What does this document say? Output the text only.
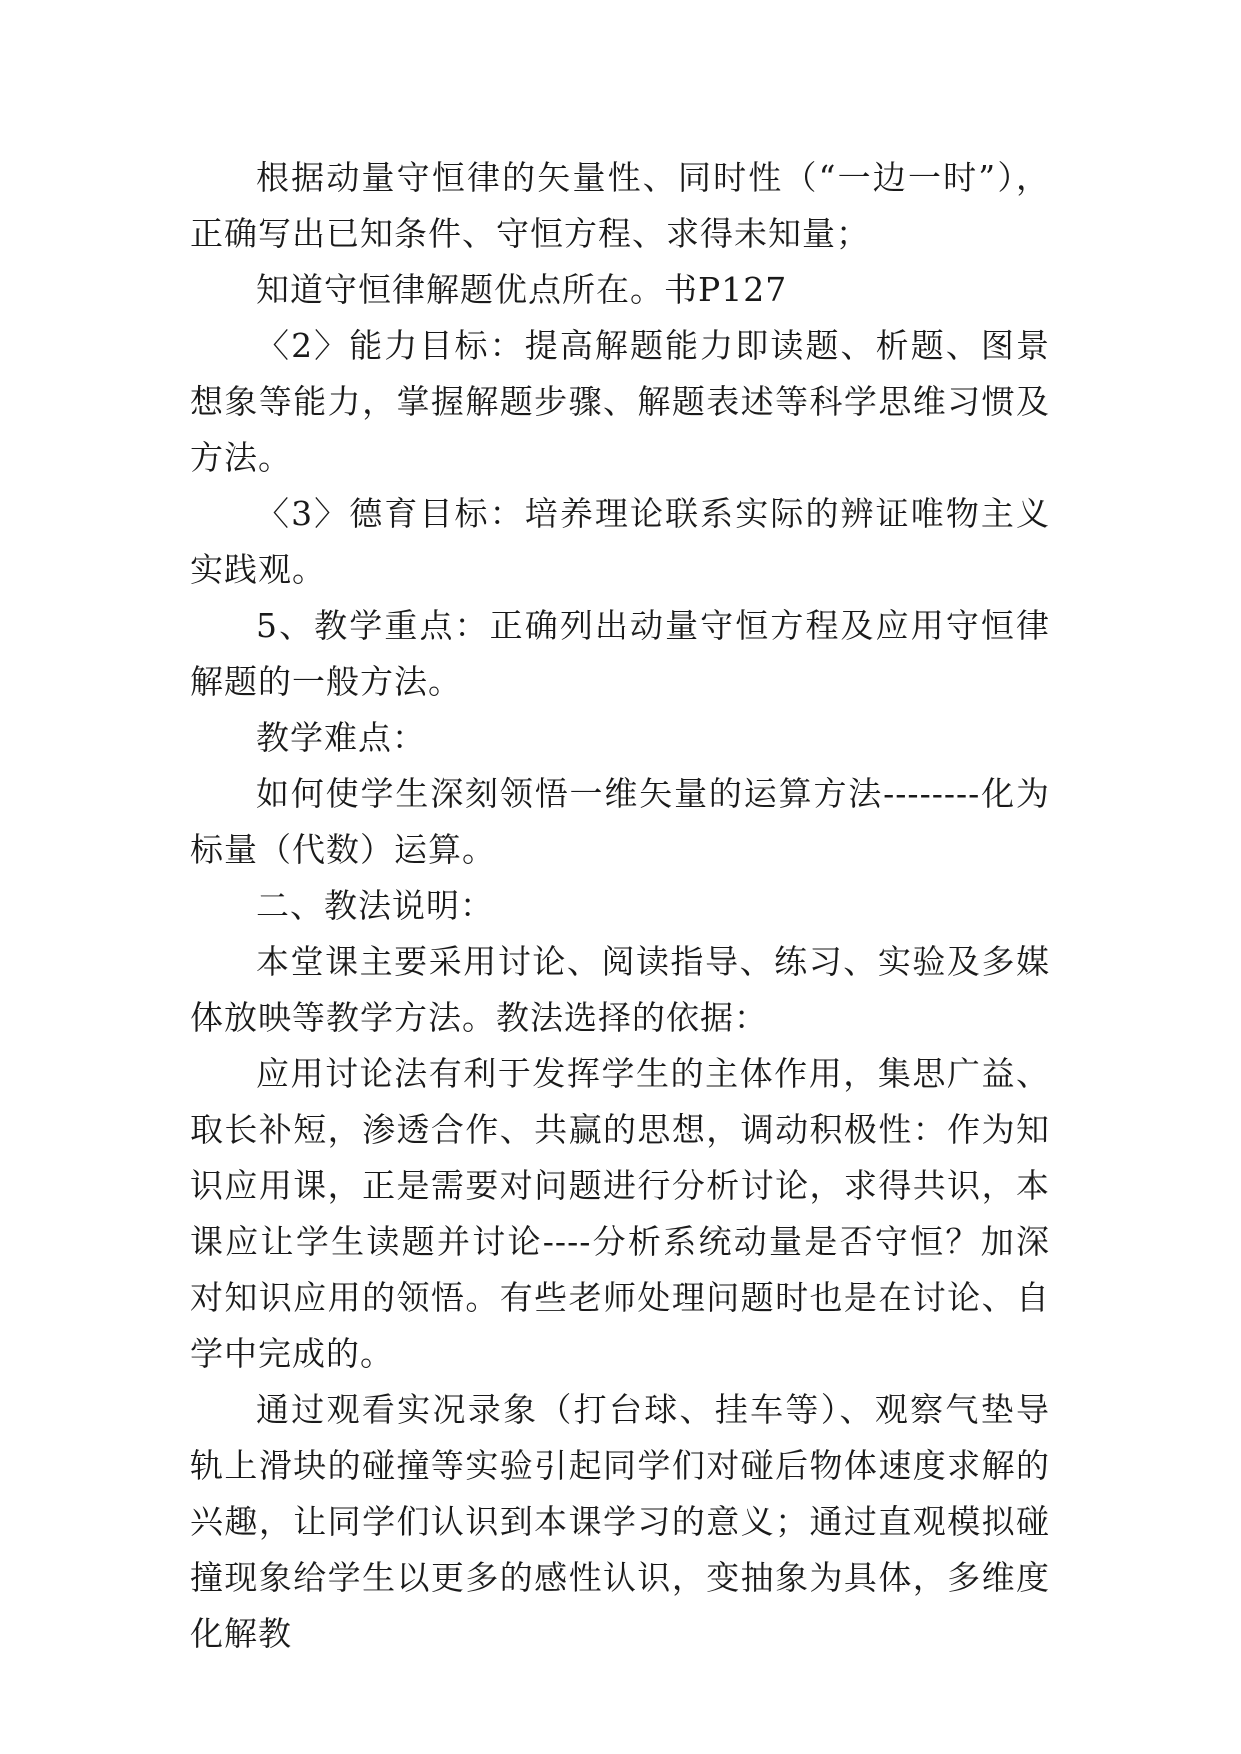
根据动量守恒律的矢量性、同时性（“一边一时”），正确写出已知条件、守恒方程、求得未知量；

知道守恒律解题优点所在。书P127

〈2〉能力目标：提高解题能力即读题、析题、图景想象等能力，掌握解题步骤、解题表述等科学思维习惯及方法。

〈3〉德育目标：培养理论联系实际的辨证唯物主义实践观。

5、教学重点：正确列出动量守恒方程及应用守恒律解题的一般方法。

教学难点：

如何使学生深刻领悟一维矢量的运算方法--------化为标量（代数）运算。

二、教法说明：

本堂课主要采用讨论、阅读指导、练习、实验及多媒体放映等教学方法。教法选择的依据：

应用讨论法有利于发挥学生的主体作用，集思广益、取长补短，渗透合作、共赢的思想，调动积极性：作为知识应用课，正是需要对问题进行分析讨论，求得共识，本课应让学生读题并讨论----分析系统动量是否守恒？加深对知识应用的领悟。有些老师处理问题时也是在讨论、自学中完成的。

通过观看实况录象（打台球、挂车等）、观察气垫导轨上滑块的碰撞等实验引起同学们对碰后物体速度求解的兴趣，让同学们认识到本课学习的意义；通过直观模拟碰撞现象给学生以更多的感性认识，变抽象为具体，多维度化解教
